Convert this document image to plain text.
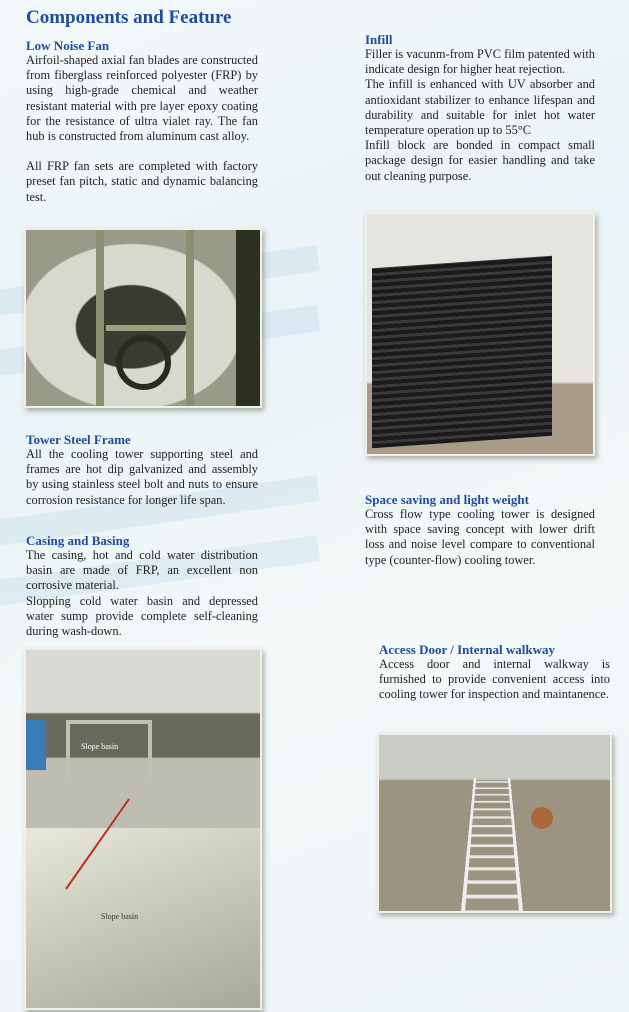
Components and Feature
Low Noise Fan

Airfoil-shaped axial fan blades are constructed from fiberglass reinforced polyester (FRP) by using high-grade chemical and weather resistant material with pre layer epoxy coating for the resistance of ultra vialet ray. The fan hub is constructed from aluminum cast alloy.

All FRP fan sets are completed with factory preset fan pitch, static and dynamic balancing test.

Tower Steel Frame

All the cooling tower supporting steel and frames are hot dip galvanized and assembly by using stainless steel bolt and nuts to ensure corrosion resistance for longer life span.

Casing and Basing

The casing, hot and cold water distribution basin are made of FRP, an excellent non corrosive material.

Slopping cold water basin and depressed water sump provide complete self-cleaning during wash-down.

Slope basin
Slope basin
Infill

Filler is vacunm-from PVC film patented with indicate design for higher heat rejection.

The infill is enhanced with UV absorber and antioxidant stabilizer to enhance lifespan and durability and suitable for inlet hot water temperature operation up to 55°C

Infill block are bonded in compact small package design for easier handling and take out cleaning purpose.

Space saving and light weight

Cross flow type cooling tower is designed with space saving concept with lower drift loss and noise level compare to conventional type (counter-flow) cooling tower.

Access Door / Internal walkway

Access door and internal walkway is furnished to provide convenient access into cooling tower for inspection and maintanence.
